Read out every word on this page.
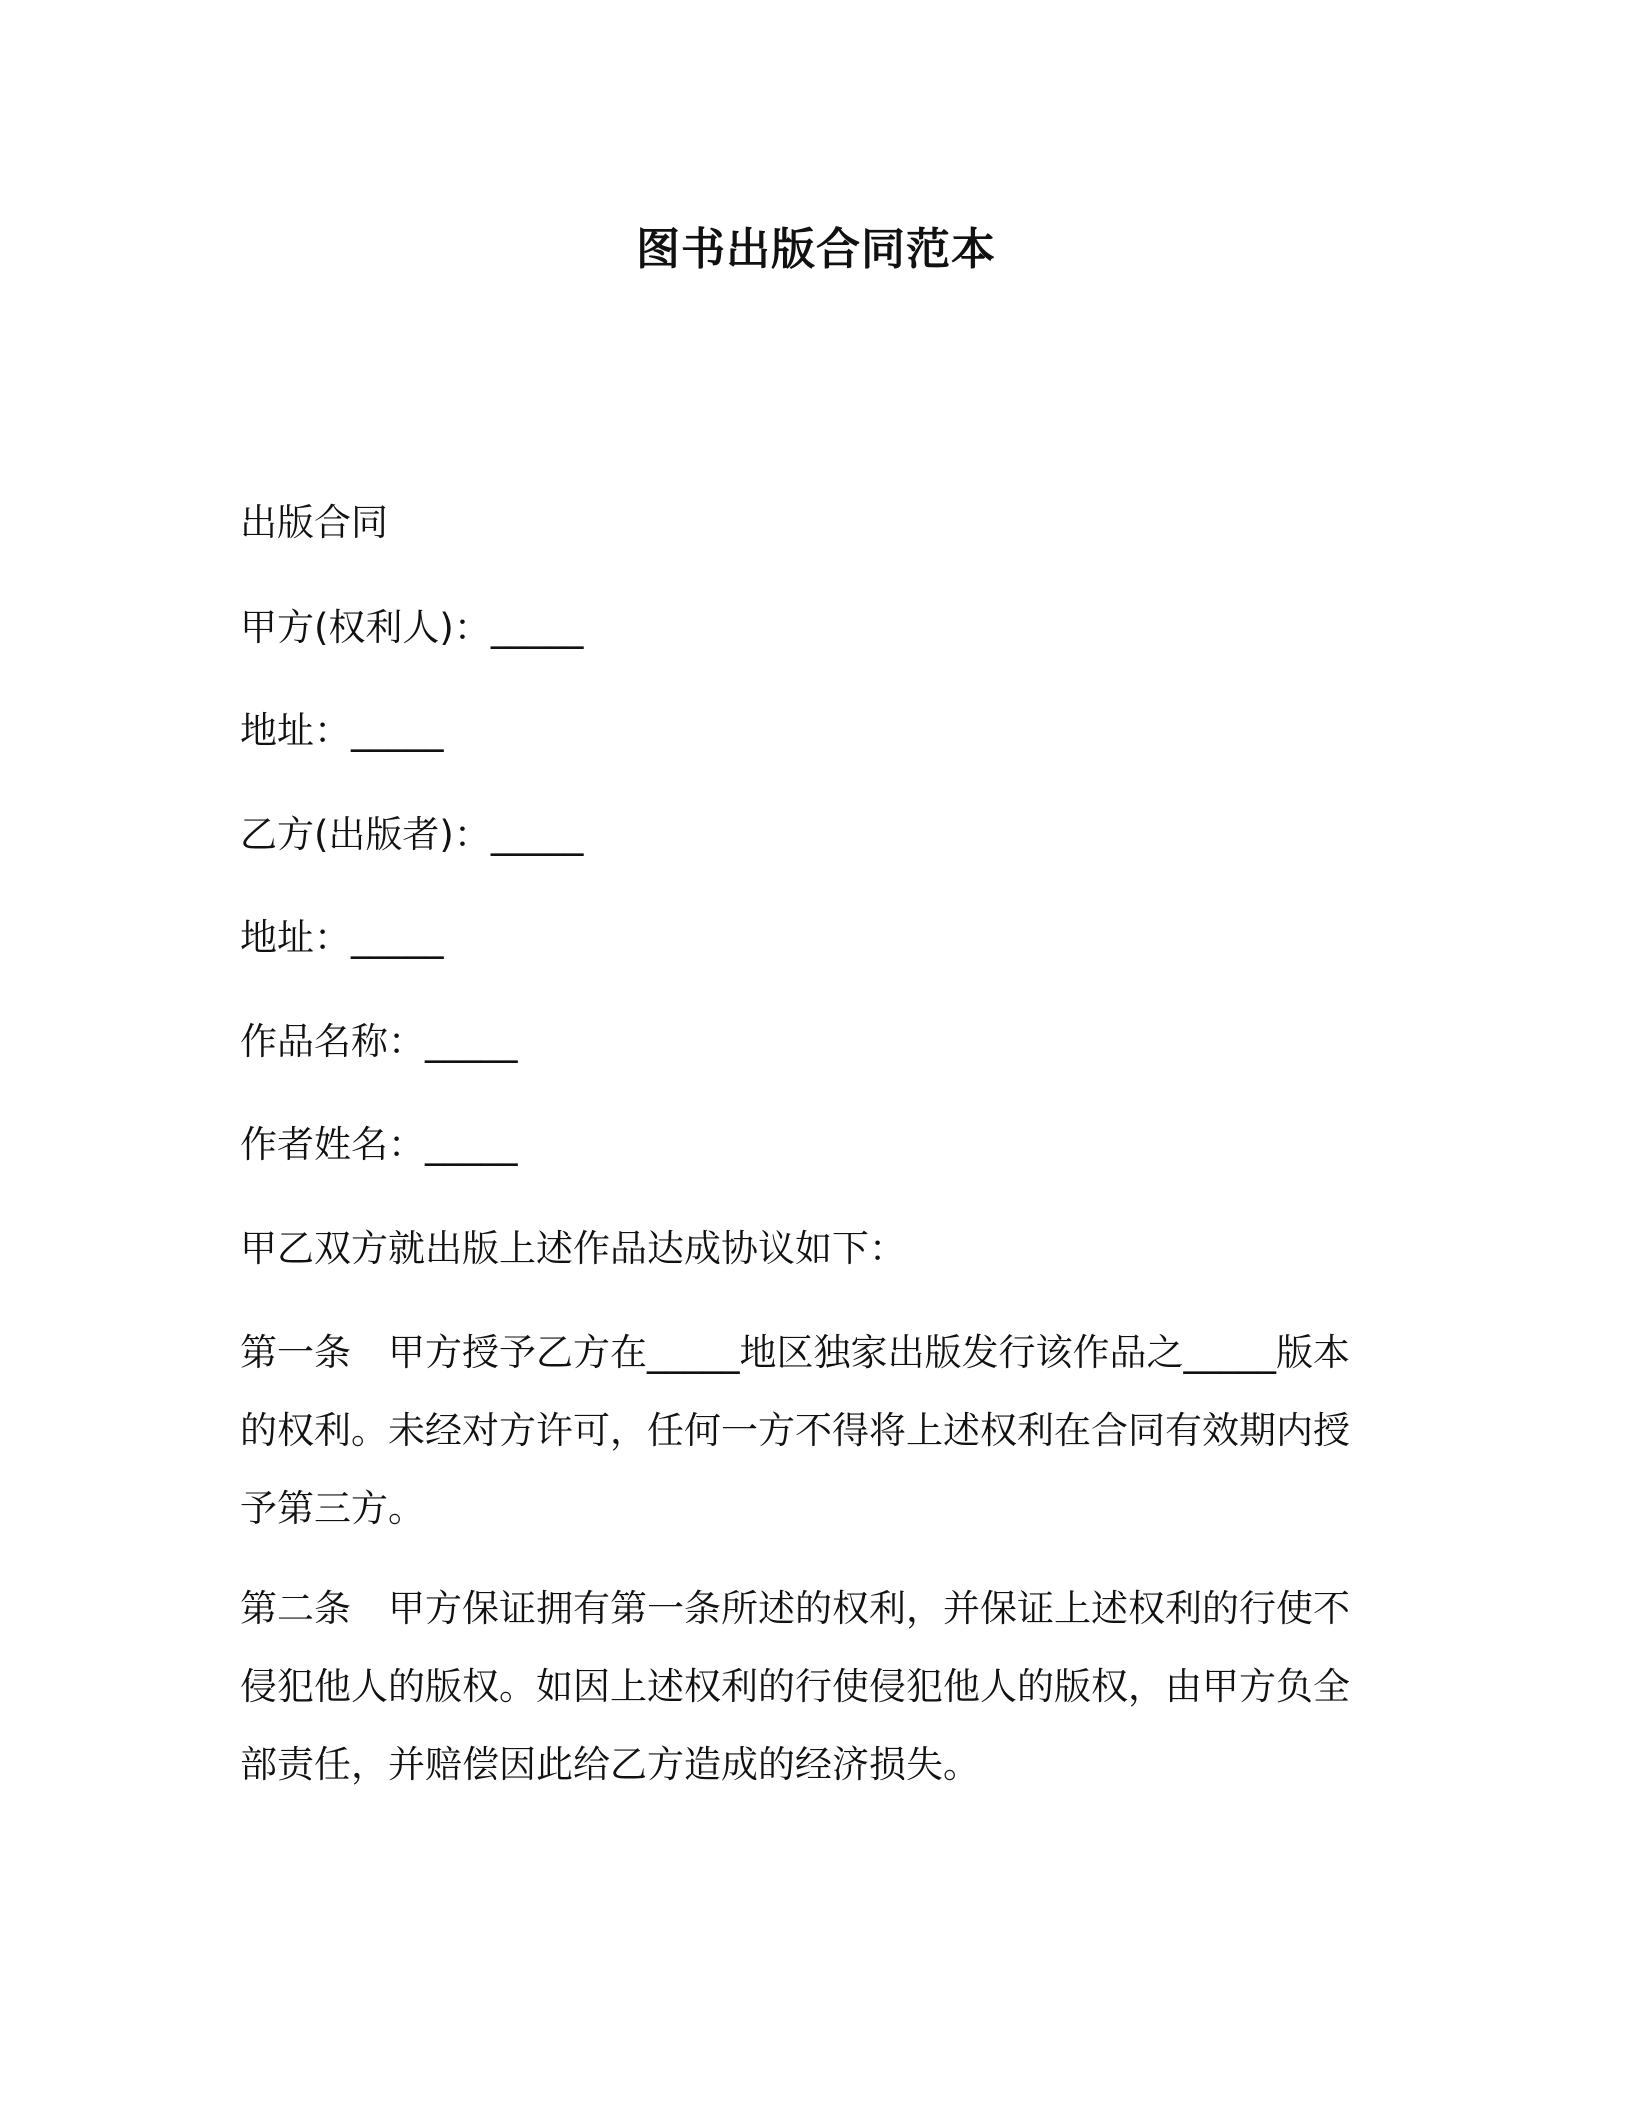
图书出版合同范本
出版合同
甲方(权利人)：_____
地址：_____
乙方(出版者)：_____
地址：_____
作品名称：_____
作者姓名：_____
甲乙双方就出版上述作品达成协议如下：
第一条　甲方授予乙方在_____地区独家出版发行该作品之_____版本
的权利。未经对方许可，任何一方不得将上述权利在合同有效期内授
予第三方。
第二条　甲方保证拥有第一条所述的权利，并保证上述权利的行使不
侵犯他人的版权。如因上述权利的行使侵犯他人的版权，由甲方负全
部责任，并赔偿因此给乙方造成的经济损失。
